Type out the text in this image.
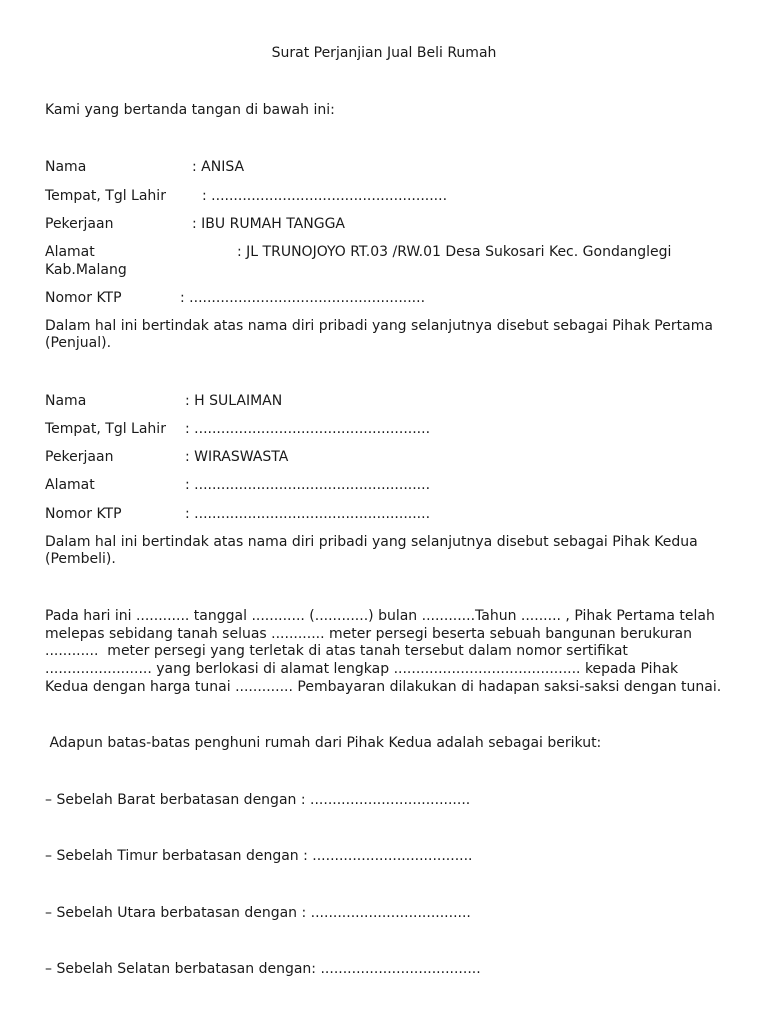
Surat Perjanjian Jual Beli Rumah
Kami yang bertanda tangan di bawah ini:
Nama	: ANISA
Tempat, Tgl Lahir	: .....................................................
Pekerjaan	: IBU RUMAH TANGGA
Alamat	: JL TRUNOJOYO RT.03 /RW.01 Desa Sukosari Kec. Gondanglegi
Kab.Malang
Nomor KTP	: .....................................................
Dalam hal ini bertindak atas nama diri pribadi yang selanjutnya disebut sebagai Pihak Pertama (Penjual).
Nama	: H SULAIMAN
Tempat, Tgl Lahir : .....................................................
Pekerjaan	: WIRASWASTA
Alamat	: .....................................................
Nomor KTP	: .....................................................
Dalam hal ini bertindak atas nama diri pribadi yang selanjutnya disebut sebagai Pihak Kedua (Pembeli).
Pada hari ini ............ tanggal ............ (............) bulan ............Tahun ......... , Pihak Pertama telah
melepas sebidang tanah seluas ............ meter persegi beserta sebuah bangunan berukuran
............  meter persegi yang terletak di atas tanah tersebut dalam nomor sertifikat
........................ yang berlokasi di alamat lengkap .......................................... kepada Pihak
Kedua dengan harga tunai ............. Pembayaran dilakukan di hadapan saksi-saksi dengan tunai.
Adapun batas-batas penghuni rumah dari Pihak Kedua adalah sebagai berikut:
– Sebelah Barat berbatasan dengan : ....................................
– Sebelah Timur berbatasan dengan : ....................................
– Sebelah Utara berbatasan dengan : ....................................
– Sebelah Selatan berbatasan dengan: ....................................
